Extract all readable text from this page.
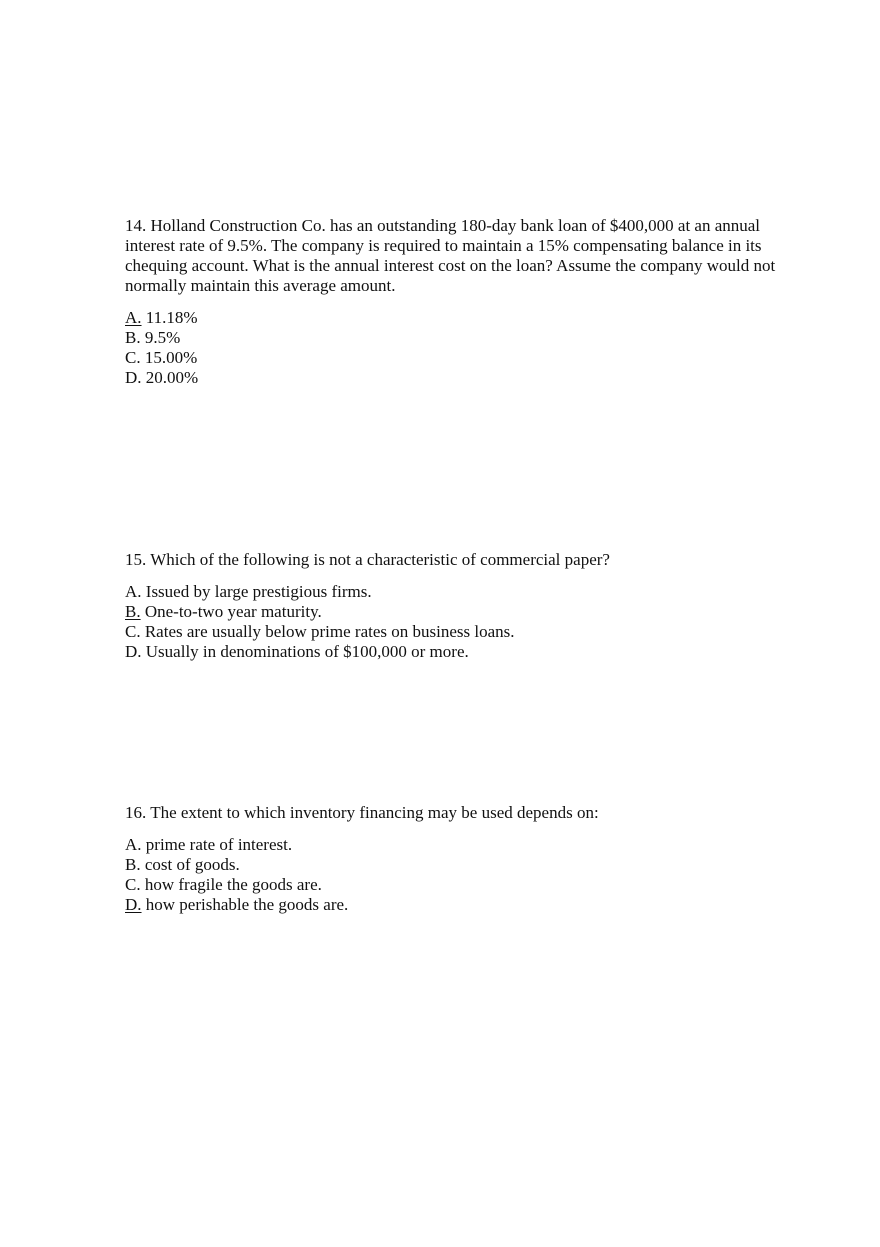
14. Holland Construction Co. has an outstanding 180-day bank loan of $400,000 at an annual interest rate of 9.5%. The company is required to maintain a 15% compensating balance in its chequing account. What is the annual interest cost on the loan? Assume the company would not normally maintain this average amount.

A. 11.18%
B. 9.5%
C. 15.00%
D. 20.00%

15. Which of the following is not a characteristic of commercial paper?

A. Issued by large prestigious firms.
B. One-to-two year maturity.
C. Rates are usually below prime rates on business loans.
D. Usually in denominations of $100,000 or more.

16. The extent to which inventory financing may be used depends on:

A. prime rate of interest.
B. cost of goods.
C. how fragile the goods are.
D. how perishable the goods are.
